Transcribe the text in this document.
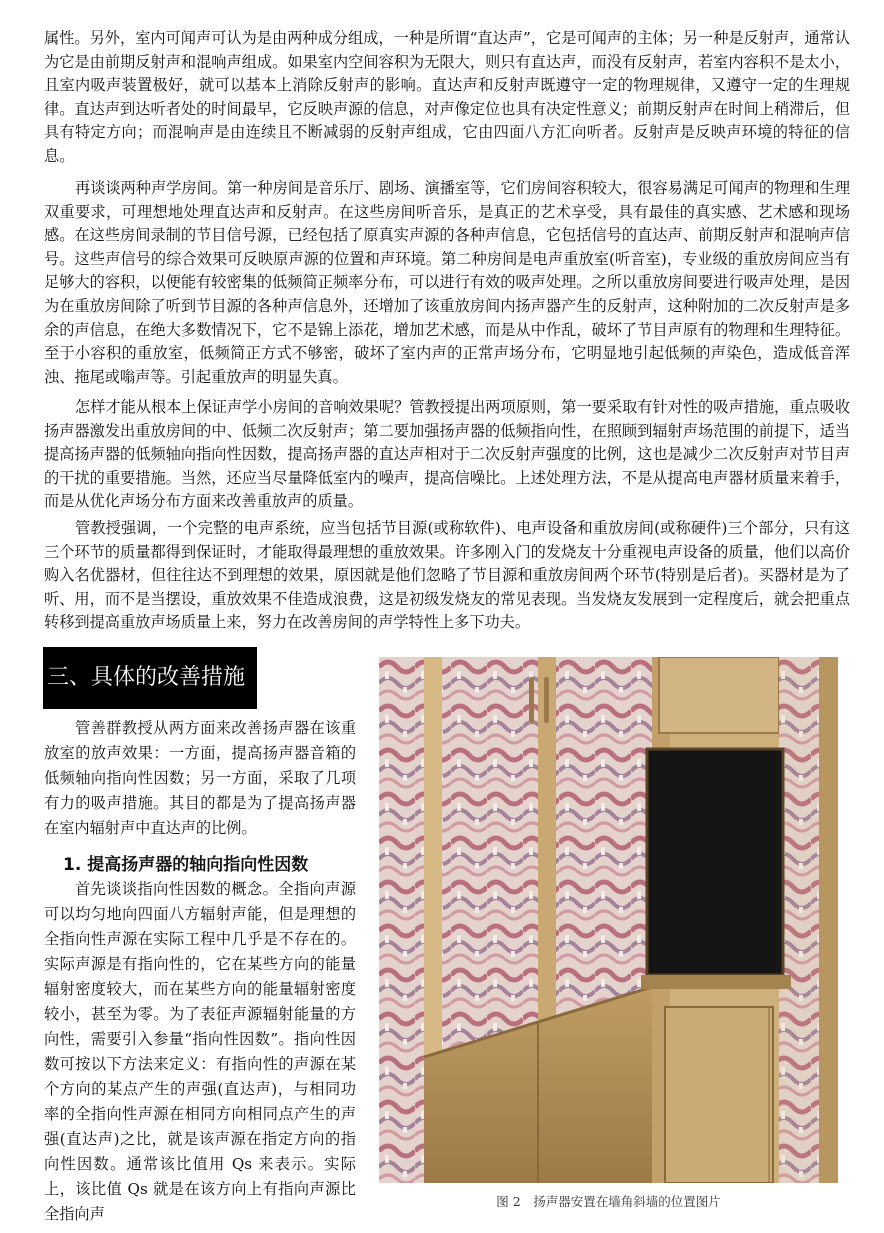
属性。另外，室内可闻声可认为是由两种成分组成，一种是所谓“直达声”，它是可闻声的主体；另一种是反射声，通常认为它是由前期反射声和混响声组成。如果室内空间容积为无限大，则只有直达声，而没有反射声，若室内容积不是太小，且室内吸声装置极好，就可以基本上消除反射声的影响。直达声和反射声既遵守一定的物理规律，又遵守一定的生理规律。直达声到达听者处的时间最早，它反映声源的信息，对声像定位也具有决定性意义；前期反射声在时间上稍滞后，但具有特定方向；而混响声是由连续且不断减弱的反射声组成，它由四面八方汇向听者。反射声是反映声环境的特征的信息。

再谈谈两种声学房间。第一种房间是音乐厅、剧场、演播室等，它们房间容积较大，很容易满足可闻声的物理和生理双重要求，可理想地处理直达声和反射声。在这些房间听音乐，是真正的艺术享受，具有最佳的真实感、艺术感和现场感。在这些房间录制的节目信号源，已经包括了原真实声源的各种声信息，它包括信号的直达声、前期反射声和混响声信号。这些声信号的综合效果可反映原声源的位置和声环境。第二种房间是电声重放室(听音室)，专业级的重放房间应当有足够大的容积，以便能有较密集的低频简正频率分布，可以进行有效的吸声处理。之所以重放房间要进行吸声处理，是因为在重放房间除了听到节目源的各种声信息外，还增加了该重放房间内扬声器产生的反射声，这种附加的二次反射声是多余的声信息，在绝大多数情况下，它不是锦上添花，增加艺术感，而是从中作乱，破坏了节目声原有的物理和生理特征。至于小容积的重放室，低频简正方式不够密，破坏了室内声的正常声场分布，它明显地引起低频的声染色，造成低音浑浊、拖尾或嗡声等。引起重放声的明显失真。

怎样才能从根本上保证声学小房间的音响效果呢？管教授提出两项原则，第一要采取有针对性的吸声措施，重点吸收扬声器激发出重放房间的中、低频二次反射声；第二要加强扬声器的低频指向性，在照顾到辐射声场范围的前提下，适当提高扬声器的低频轴向指向性因数，提高扬声器的直达声相对于二次反射声强度的比例，这也是减少二次反射声对节目声的干扰的重要措施。当然，还应当尽量降低室内的噪声，提高信噪比。上述处理方法，不是从提高电声器材质量来着手，而是从优化声场分布方面来改善重放声的质量。

管教授强调，一个完整的电声系统，应当包括节目源(或称软件)、电声设备和重放房间(或称硬件)三个部分，只有这三个环节的质量都得到保证时，才能取得最理想的重放效果。许多刚入门的发烧友十分重视电声设备的质量，他们以高价购入名优器材，但往往达不到理想的效果，原因就是他们忽略了节目源和重放房间两个环节(特别是后者)。买器材是为了听、用，而不是当摆设，重放效果不佳造成浪费，这是初级发烧友的常见表现。当发烧友发展到一定程度后，就会把重点转移到提高重放声场质量上来，努力在改善房间的声学特性上多下功夫。

三、具体的改善措施

管善群教授从两方面来改善扬声器在该重放室的放声效果：一方面，提高扬声器音箱的低频轴向指向性因数；另一方面，采取了几项有力的吸声措施。其目的都是为了提高扬声器在室内辐射声中直达声的比例。

1. 提高扬声器的轴向指向性因数

首先谈谈指向性因数的概念。全指向声源可以均匀地向四面八方辐射声能，但是理想的全指向性声源在实际工程中几乎是不存在的。实际声源是有指向性的，它在某些方向的能量辐射密度较大，而在某些方向的能量辐射密度较小，甚至为零。为了表征声源辐射能量的方向性，需要引入参量“指向性因数”。指向性因数可按以下方法来定义：有指向性的声源在某个方向的某点产生的声强(直达声)，与相同功率的全指向性声源在相同方向相同点产生的声强(直达声)之比，就是该声源在指定方向的指向性因数。通常该比值用 Qs 来表示。实际上，该比值 Qs 就是在该方向上有指向声源比全指向声

图 2　扬声器安置在墙角斜墙的位置图片
